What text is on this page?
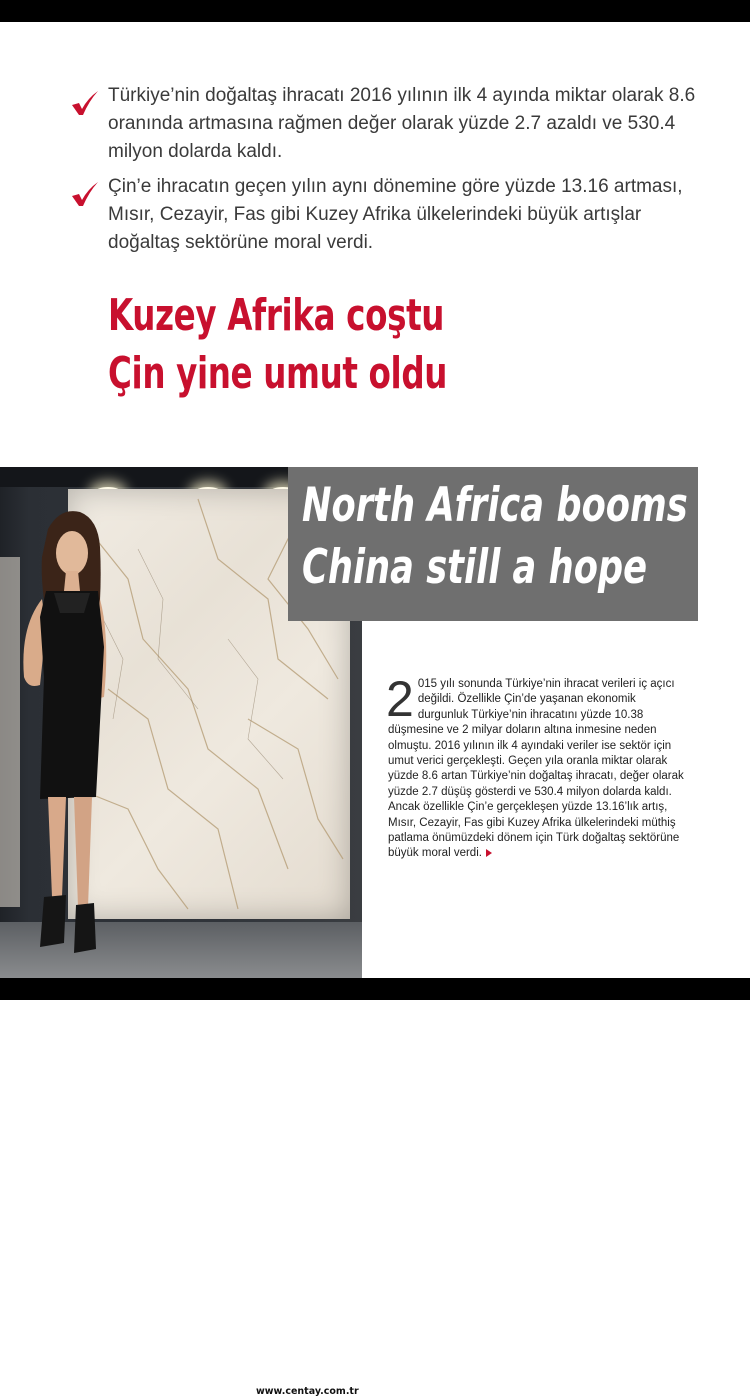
Türkiye’nin doğaltaş ihracatı 2016 yılının ilk 4 ayında miktar olarak 8.6 oranında artmasına rağmen değer olarak yüzde 2.7 azaldı ve 530.4 milyon dolarda kaldı.
Çin’e ihracatın geçen yılın aynı dönemine göre yüzde 13.16 artması, Mısır, Cezayir, Fas gibi Kuzey Afrika ülkelerindeki büyük artışlar doğaltaş sektörüne moral verdi.
Kuzey Afrika coştu
Çin yine umut oldu
www.centay.com.tr
North Africa booms
China still a hope
2 015 yılı sonunda Türkiye’nin ihracat verileri iç açıcı değildi. Özellikle Çin’de yaşanan ekonomik durgunluk Türkiye’nin ihracatını yüzde 10.38 düşmesine ve 2 milyar doların altına inmesine neden olmuştu. 2016 yılının ilk 4 ayındaki veriler ise sektör için umut verici gerçekleşti. Geçen yıla oranla miktar olarak yüzde 8.6 artan Türkiye’nin doğaltaş ihracatı, değer olarak yüzde 2.7 düşüş gösterdi ve 530.4 milyon dolarda kaldı. Ancak özellikle Çin’e gerçekleşen yüzde 13.16’lık artış, Mısır, Cezayir, Fas gibi Kuzey Afrika ülkelerindeki müthiş patlama önümüzdeki dönem için Türk doğaltaş sektörüne büyük moral verdi.
